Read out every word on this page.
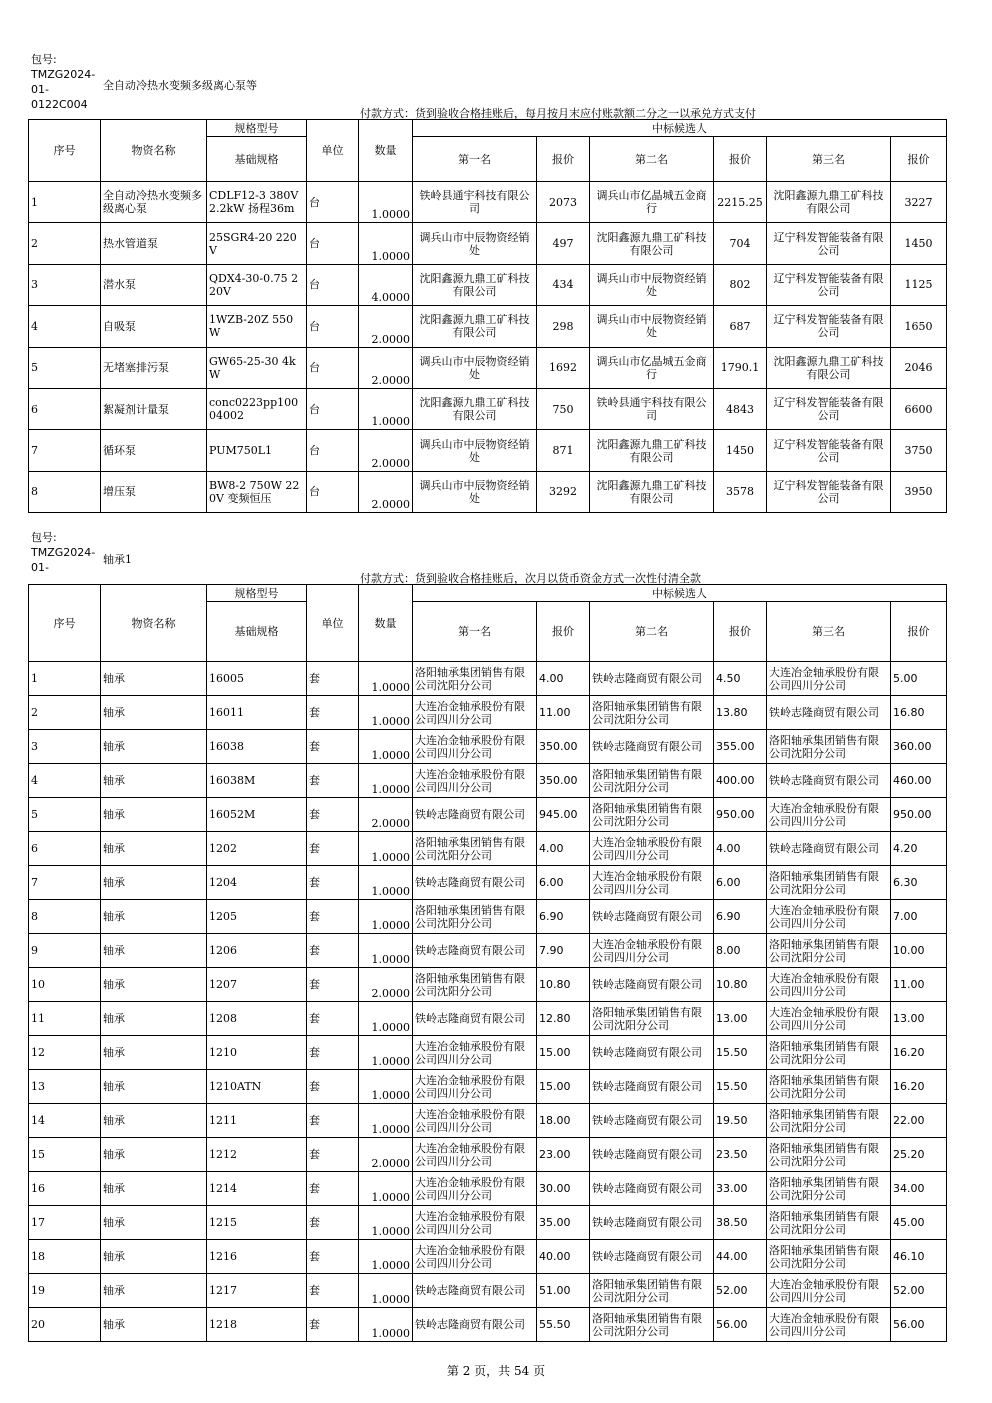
包号:
TMZG2024-
01-
0122C004
全自动冷热水变频多级离心泵等
付款方式：货到验收合格挂账后，每月按月末应付账款额二分之一以承兑方式支付
序号	物资名称	规格型号	单位	数量	中标候选人					
		基础规格			第一名	报价	第二名	报价	第三名	报价
1	全自动冷热水变频多级离心泵	CDLF12-3 380V 2.2kW 扬程36m	台	1.0000	铁岭县通宇科技有限公司	2073	调兵山市亿晶城五金商行	2215.25	沈阳鑫源九鼎工矿科技有限公司	3227
2	热水管道泵	25SGR4-20 220V	台	1.0000	调兵山市中辰物资经销处	497	沈阳鑫源九鼎工矿科技有限公司	704	辽宁科发智能装备有限公司	1450
3	潜水泵	QDX4-30-0.75 220V	台	4.0000	沈阳鑫源九鼎工矿科技有限公司	434	调兵山市中辰物资经销处	802	辽宁科发智能装备有限公司	1125
4	自吸泵	1WZB-20Z 550W	台	2.0000	沈阳鑫源九鼎工矿科技有限公司	298	调兵山市中辰物资经销处	687	辽宁科发智能装备有限公司	1650
5	无堵塞排污泵	GW65-25-30 4kW	台	2.0000	调兵山市中辰物资经销处	1692	调兵山市亿晶城五金商行	1790.1	沈阳鑫源九鼎工矿科技有限公司	2046
6	絮凝剂计量泵	conc0223pp10004002	台	1.0000	沈阳鑫源九鼎工矿科技有限公司	750	铁岭县通宇科技有限公司	4843	辽宁科发智能装备有限公司	6600
7	循环泵	PUM750L1	台	2.0000	调兵山市中辰物资经销处	871	沈阳鑫源九鼎工矿科技有限公司	1450	辽宁科发智能装备有限公司	3750
8	增压泵	BW8-2 750W 220V 变频恒压	台	2.0000	调兵山市中辰物资经销处	3292	沈阳鑫源九鼎工矿科技有限公司	3578	辽宁科发智能装备有限公司	3950
包号:
TMZG2024-
01-
轴承1
付款方式：货到验收合格挂账后，次月以货币资金方式一次性付清全款
序号	物资名称	规格型号	单位	数量	中标候选人					
		基础规格			第一名	报价	第二名	报价	第三名	报价
1	轴承	16005	套	1.0000	洛阳轴承集团销售有限公司沈阳分公司	4.00	铁岭志隆商贸有限公司	4.50	大连冶金轴承股份有限公司四川分公司	5.00
2	轴承	16011	套	1.0000	大连冶金轴承股份有限公司四川分公司	11.00	洛阳轴承集团销售有限公司沈阳分公司	13.80	铁岭志隆商贸有限公司	16.80
3	轴承	16038	套	1.0000	大连冶金轴承股份有限公司四川分公司	350.00	铁岭志隆商贸有限公司	355.00	洛阳轴承集团销售有限公司沈阳分公司	360.00
4	轴承	16038M	套	1.0000	大连冶金轴承股份有限公司四川分公司	350.00	洛阳轴承集团销售有限公司沈阳分公司	400.00	铁岭志隆商贸有限公司	460.00
5	轴承	16052M	套	2.0000	铁岭志隆商贸有限公司	945.00	洛阳轴承集团销售有限公司沈阳分公司	950.00	大连冶金轴承股份有限公司四川分公司	950.00
6	轴承	1202	套	1.0000	洛阳轴承集团销售有限公司沈阳分公司	4.00	大连冶金轴承股份有限公司四川分公司	4.00	铁岭志隆商贸有限公司	4.20
7	轴承	1204	套	1.0000	铁岭志隆商贸有限公司	6.00	大连冶金轴承股份有限公司四川分公司	6.00	洛阳轴承集团销售有限公司沈阳分公司	6.30
8	轴承	1205	套	1.0000	洛阳轴承集团销售有限公司沈阳分公司	6.90	铁岭志隆商贸有限公司	6.90	大连冶金轴承股份有限公司四川分公司	7.00
9	轴承	1206	套	1.0000	铁岭志隆商贸有限公司	7.90	大连冶金轴承股份有限公司四川分公司	8.00	洛阳轴承集团销售有限公司沈阳分公司	10.00
10	轴承	1207	套	2.0000	洛阳轴承集团销售有限公司沈阳分公司	10.80	铁岭志隆商贸有限公司	10.80	大连冶金轴承股份有限公司四川分公司	11.00
11	轴承	1208	套	1.0000	铁岭志隆商贸有限公司	12.80	洛阳轴承集团销售有限公司沈阳分公司	13.00	大连冶金轴承股份有限公司四川分公司	13.00
12	轴承	1210	套	1.0000	大连冶金轴承股份有限公司四川分公司	15.00	铁岭志隆商贸有限公司	15.50	洛阳轴承集团销售有限公司沈阳分公司	16.20
13	轴承	1210ATN	套	1.0000	大连冶金轴承股份有限公司四川分公司	15.00	铁岭志隆商贸有限公司	15.50	洛阳轴承集团销售有限公司沈阳分公司	16.20
14	轴承	1211	套	1.0000	大连冶金轴承股份有限公司四川分公司	18.00	铁岭志隆商贸有限公司	19.50	洛阳轴承集团销售有限公司沈阳分公司	22.00
15	轴承	1212	套	2.0000	大连冶金轴承股份有限公司四川分公司	23.00	铁岭志隆商贸有限公司	23.50	洛阳轴承集团销售有限公司沈阳分公司	25.20
16	轴承	1214	套	1.0000	大连冶金轴承股份有限公司四川分公司	30.00	铁岭志隆商贸有限公司	33.00	洛阳轴承集团销售有限公司沈阳分公司	34.00
17	轴承	1215	套	1.0000	大连冶金轴承股份有限公司四川分公司	35.00	铁岭志隆商贸有限公司	38.50	洛阳轴承集团销售有限公司沈阳分公司	45.00
18	轴承	1216	套	1.0000	大连冶金轴承股份有限公司四川分公司	40.00	铁岭志隆商贸有限公司	44.00	洛阳轴承集团销售有限公司沈阳分公司	46.10
19	轴承	1217	套	1.0000	铁岭志隆商贸有限公司	51.00	洛阳轴承集团销售有限公司沈阳分公司	52.00	大连冶金轴承股份有限公司四川分公司	52.00
20	轴承	1218	套	1.0000	铁岭志隆商贸有限公司	55.50	洛阳轴承集团销售有限公司沈阳分公司	56.00	大连冶金轴承股份有限公司四川分公司	56.00
第 2 页，共 54 页
